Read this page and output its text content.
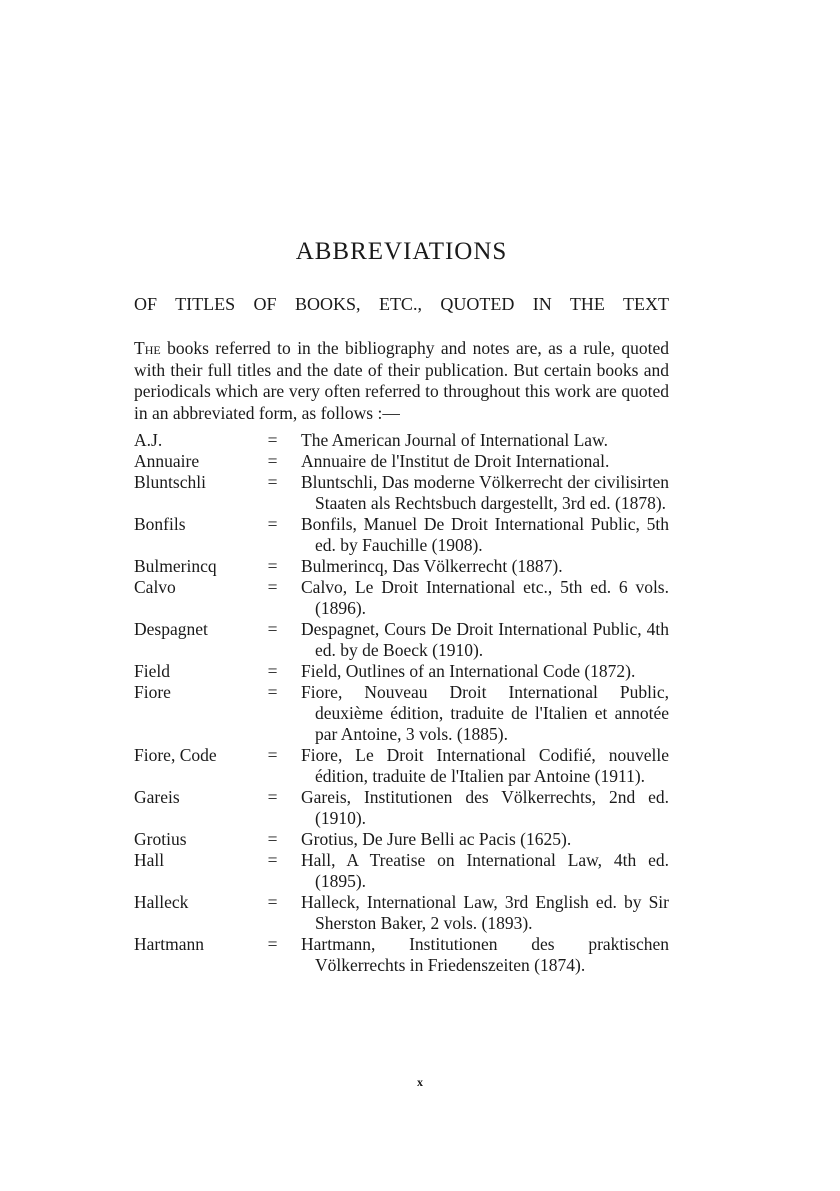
ABBREVIATIONS
OF TITLES OF BOOKS, ETC., QUOTED IN THE TEXT

The books referred to in the bibliography and notes are, as a rule, quoted with their full titles and the date of their publication. But certain books and periodicals which are very often referred to throughout this work are quoted in an abbreviated form, as follows :—

A.J.	=	The American Journal of International Law.
Annuaire	=	Annuaire de l'Institut de Droit International.
Bluntschli	=	Bluntschli, Das moderne Völkerrecht der civilisirten Staaten als Rechtsbuch dargestellt, 3rd ed. (1878).
Bonfils	=	Bonfils, Manuel De Droit International Public, 5th ed. by Fauchille (1908).
Bulmerincq	=	Bulmerincq, Das Völkerrecht (1887).
Calvo	=	Calvo, Le Droit International etc., 5th ed. 6 vols. (1896).
Despagnet	=	Despagnet, Cours De Droit International Public, 4th ed. by de Boeck (1910).
Field	=	Field, Outlines of an International Code (1872).
Fiore	=	Fiore, Nouveau Droit International Public, deuxième édition, traduite de l'Italien et annotée par Antoine, 3 vols. (1885).
Fiore, Code	=	Fiore, Le Droit International Codifié, nouvelle édition, traduite de l'Italien par Antoine (1911).
Gareis	=	Gareis, Institutionen des Völkerrechts, 2nd ed. (1910).
Grotius	=	Grotius, De Jure Belli ac Pacis (1625).
Hall	=	Hall, A Treatise on International Law, 4th ed. (1895).
Halleck	=	Halleck, International Law, 3rd English ed. by Sir Sherston Baker, 2 vols. (1893).
Hartmann	=	Hartmann, Institutionen des praktischen Völkerrechts in Friedenszeiten (1874).
x
